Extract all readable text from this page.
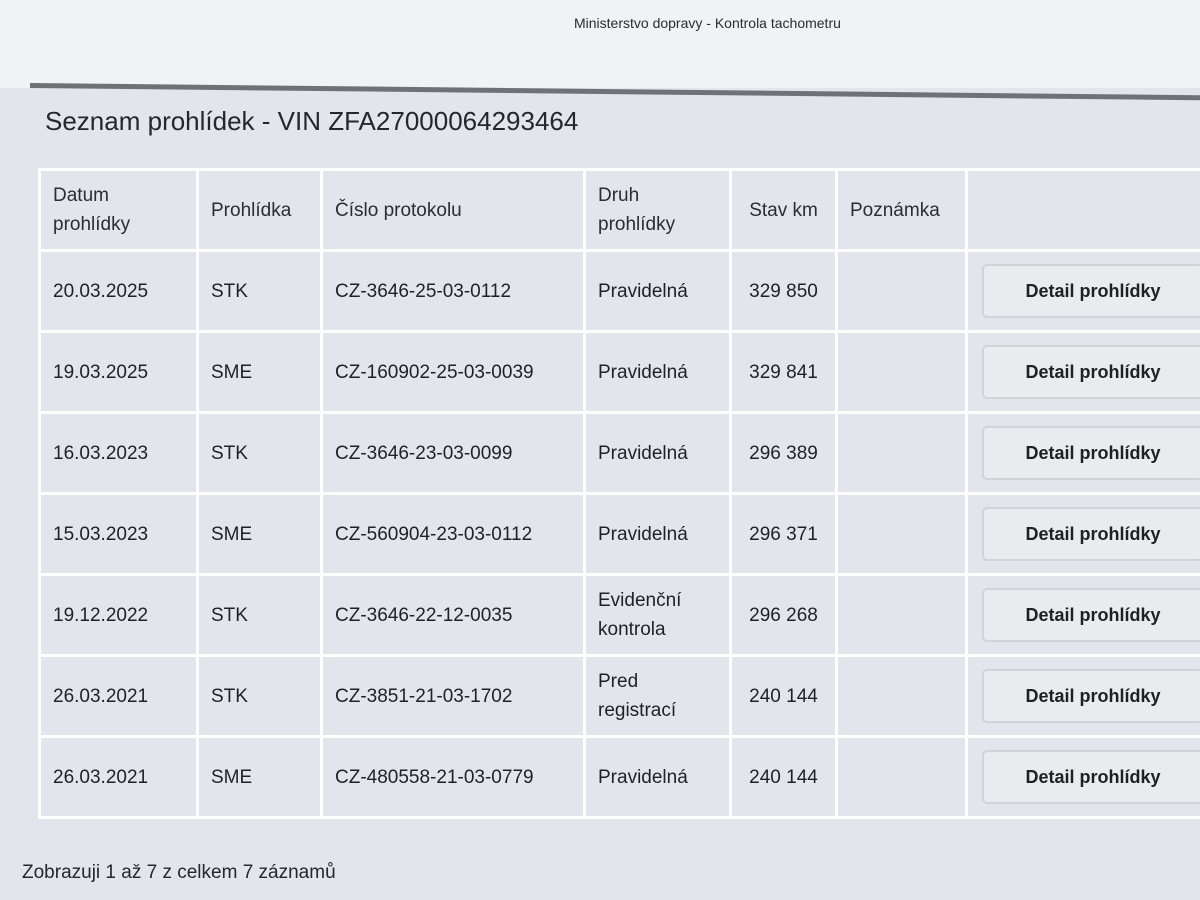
Ministerstvo dopravy - Kontrola tachometru
Seznam prohlídek - VIN ZFA27000064293464
Datum prohlídky	Prohlídka	Číslo protokolu	Druh prohlídky	Stav km	Poznámka	
20.03.2025	STK	CZ-3646-25-03-0112	Pravidelná	329 850		Detail prohlídky
19.03.2025	SME	CZ-160902-25-03-0039	Pravidelná	329 841		Detail prohlídky
16.03.2023	STK	CZ-3646-23-03-0099	Pravidelná	296 389		Detail prohlídky
15.03.2023	SME	CZ-560904-23-03-0112	Pravidelná	296 371		Detail prohlídky
19.12.2022	STK	CZ-3646-22-12-0035	Evidenční kontrola	296 268		Detail prohlídky
26.03.2021	STK	CZ-3851-21-03-1702	Pred registrací	240 144		Detail prohlídky
26.03.2021	SME	CZ-480558-21-03-0779	Pravidelná	240 144		Detail prohlídky
Zobrazuji 1 až 7 z celkem 7 záznamů
